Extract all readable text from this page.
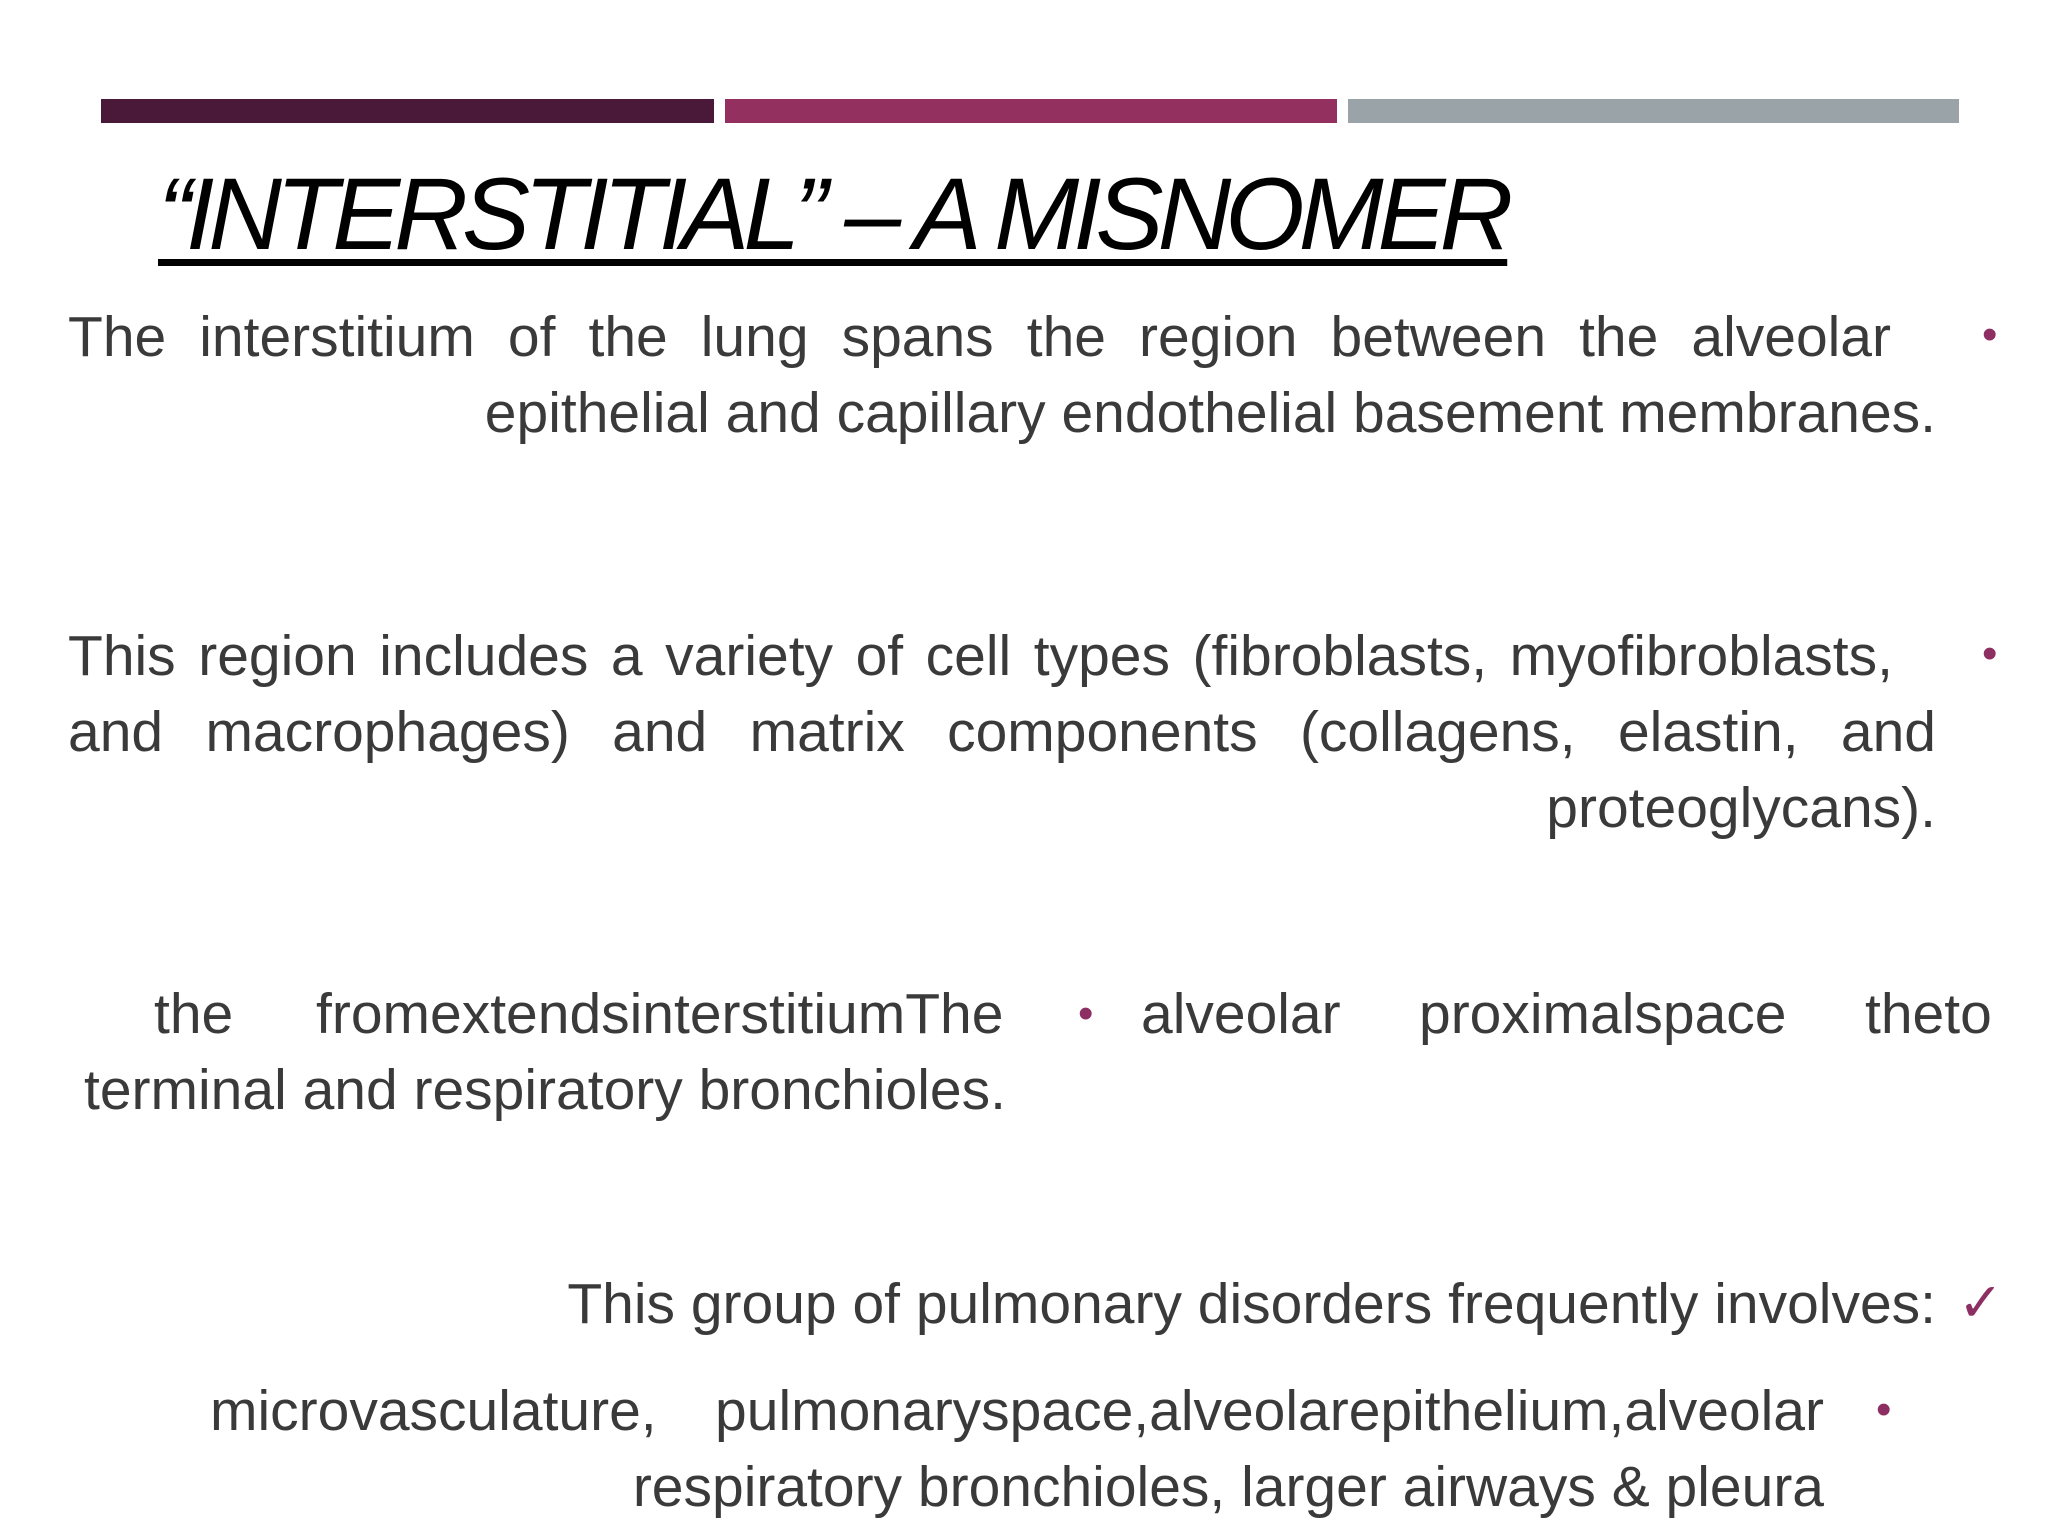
“INTERSTITIAL” – A MISNOMER
The interstitium of the lung spans the region between the alveolar
epithelial and capillary endothelial basement membranes.
•
This region includes a variety of cell types (fibroblasts, myofibroblasts,
and macrophages) and matrix components (collagens, elastin, and
proteoglycans).
•
the fromextendsinterstitiumThe • alveolar proximalspace theto
terminal and respiratory bronchioles.
This group of pulmonary disorders frequently involves: ✓
microvasculature, pulmonaryspace,alveolarepithelium,alveolar
respiratory bronchioles, larger airways & pleura
•
